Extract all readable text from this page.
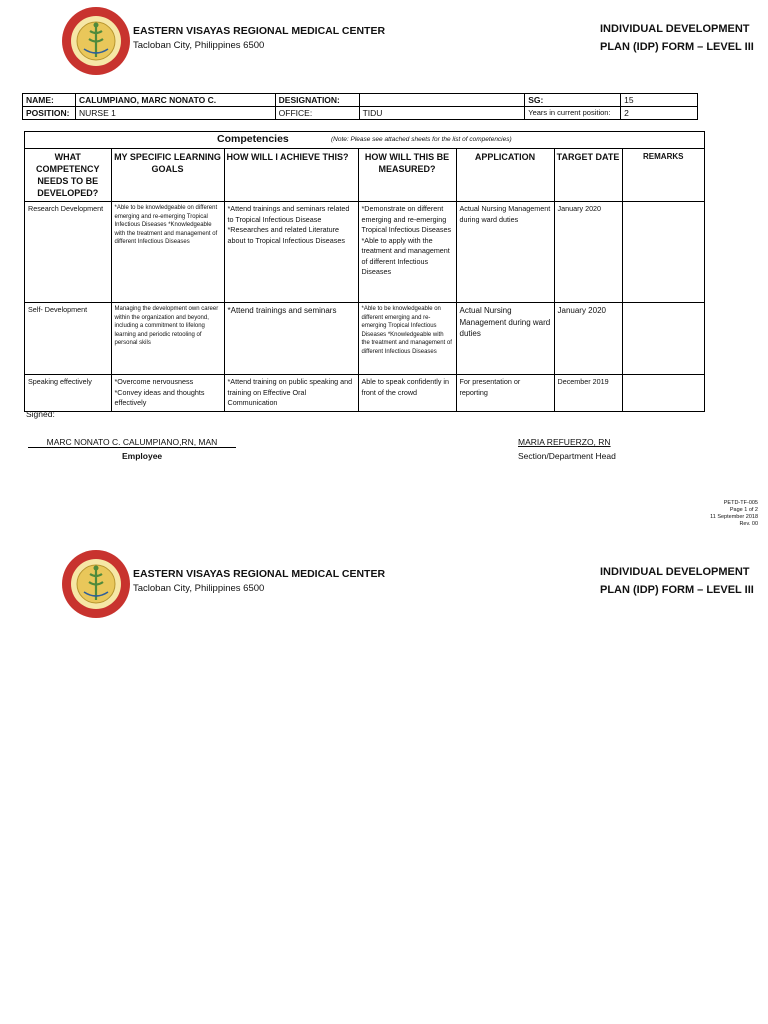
EASTERN VISAYAS REGIONAL MEDICAL CENTER
Tacloban City, Philippines 6500
INDIVIDUAL DEVELOPMENT
PLAN (IDP) FORM – LEVEL III
NAME:	CALUMPIANO, MARC NONATO C.	DESIGNATION:		SG:	15
POSITION:	NURSE 1	OFFICE:	TIDU	Years in current position:	2
Competencies	(Note: Please see attached sheets for the list of competencies)
WHAT COMPETENCY NEEDS TO BE DEVELOPED?	MY SPECIFIC LEARNING GOALS	HOW WILL I ACHIEVE THIS?	HOW WILL THIS BE MEASURED?	APPLICATION	TARGET DATE	REMARKS
Research Development	*Able to be knowledgeable on different emerging and re-emerging Tropical Infectious Diseases *Knowledgeable with the treatment and management of different Infectious Diseases	*Attend trainings and seminars related to Tropical Infectious Disease *Researches and related Literature about to Tropical Infectious Diseases	*Demonstrate on different emerging and re-emerging Tropical Infectious Diseases *Able to apply with the treatment and management of different Infectious Diseases	Actual Nursing Management during ward duties	January 2020	
Self- Development	Managing the development own career within the organization and beyond, including a commitment to lifelong learning and periodic retooling of personal skils	*Attend trainings and seminars	*Able to be knowledgeable on different emerging and re-emerging Tropical Infectious Diseases *Knowledgeable with the treatment and management of different Infectious Diseases	Actual Nursing Management during ward duties	January 2020	
Speaking effectively	*Overcome nervousness *Convey ideas and thoughts effectively	*Attend training on public speaking and training on Effective Oral Communication	Able to speak confidently in front of the crowd	For presentation or reporting	December 2019	
Signed:
MARC NONATO C. CALUMPIANO,RN, MAN
Employee
MARIA REFUERZO, RN
Section/Department Head
PETD-TF-005
Page 1 of 2
11 September 2018
Rev. 00
EASTERN VISAYAS REGIONAL MEDICAL CENTER
Tacloban City, Philippines 6500
INDIVIDUAL DEVELOPMENT
PLAN (IDP) FORM – LEVEL III
